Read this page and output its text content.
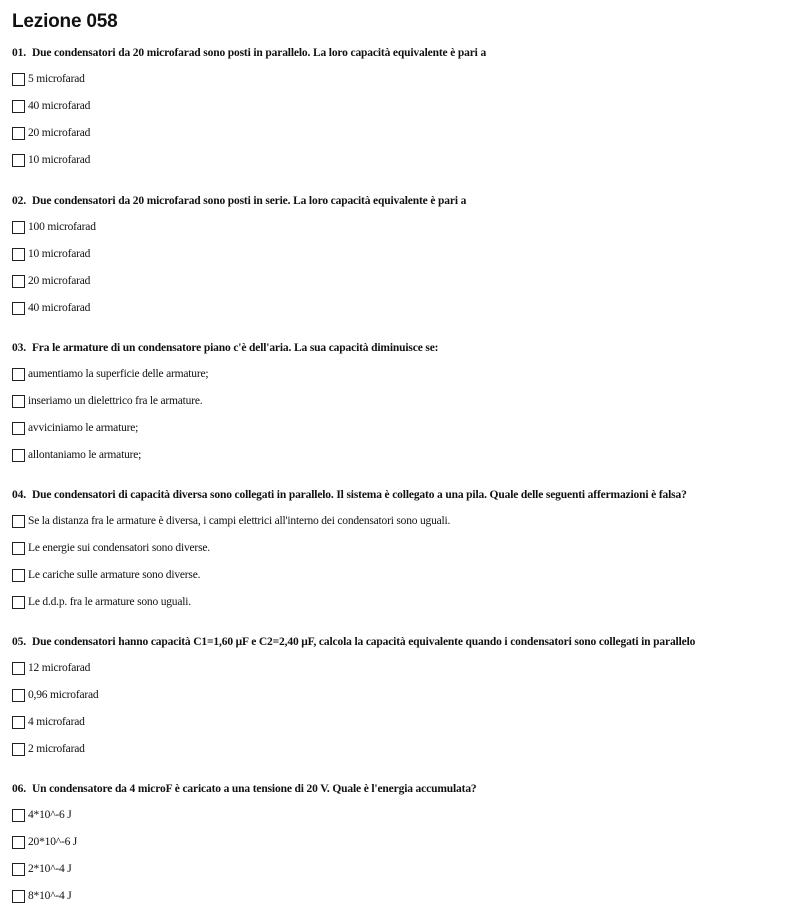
Lezione 058
01. Due condensatori da 20 microfarad sono posti in parallelo. La loro capacità equivalente è pari a
5 microfarad
40 microfarad
20 microfarad
10 microfarad
02. Due condensatori da 20 microfarad sono posti in serie. La loro capacità equivalente è pari a
100 microfarad
10 microfarad
20 microfarad
40 microfarad
03. Fra le armature di un condensatore piano c'è dell'aria. La sua capacità diminuisce se:
aumentiamo la superficie delle armature;
inseriamo un dielettrico fra le armature.
avviciniamo le armature;
allontaniamo le armature;
04. Due condensatori di capacità diversa sono collegati in parallelo. Il sistema è collegato a una pila. Quale delle seguenti affermazioni è falsa?
Se la distanza fra le armature è diversa, i campi elettrici all'interno dei condensatori sono uguali.
Le energie sui condensatori sono diverse.
Le cariche sulle armature sono diverse.
Le d.d.p. fra le armature sono uguali.
05. Due condensatori hanno capacità C1=1,60 μF e C2=2,40 μF, calcola la capacità equivalente quando i condensatori sono collegati in parallelo
12 microfarad
0,96 microfarad
4 microfarad
2 microfarad
06. Un condensatore da 4 microF è caricato a una tensione di 20 V. Quale è l'energia accumulata?
4*10^-6 J
20*10^-6 J
2*10^-4 J
8*10^-4 J
